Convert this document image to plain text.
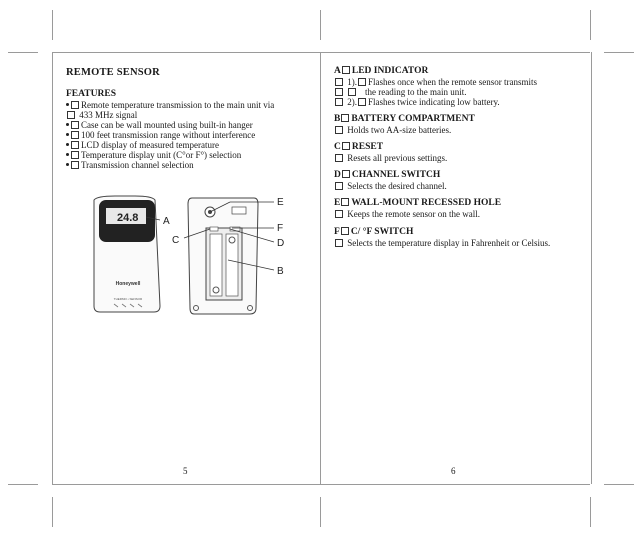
REMOTE SENSOR
FEATURES
Remote temperature transmission to the main unit via
433 MHz signal
Case can be wall mounted using built-in hanger
100 feet transmission range without interference
LCD display of measured temperature
Temperature display unit (C°or F°) selection
Transmission channel selection
24.8
Honeywell
THERMO • SENSOR
A
B
C	D
E
F
5
A LED INDICATOR
1). Flashes once when the remote sensor transmits
the reading to the main unit.
2). Flashes twice indicating low battery.
B BATTERY COMPARTMENT
Holds two AA-size batteries.
C RESET
Resets all previous settings.
D CHANNEL SWITCH
Selects the desired channel.
E WALL-MOUNT RECESSED HOLE
Keeps the remote sensor on the wall.
F C/ °F SWITCH
Selects the temperature display in Fahrenheit or Celsius.
6
